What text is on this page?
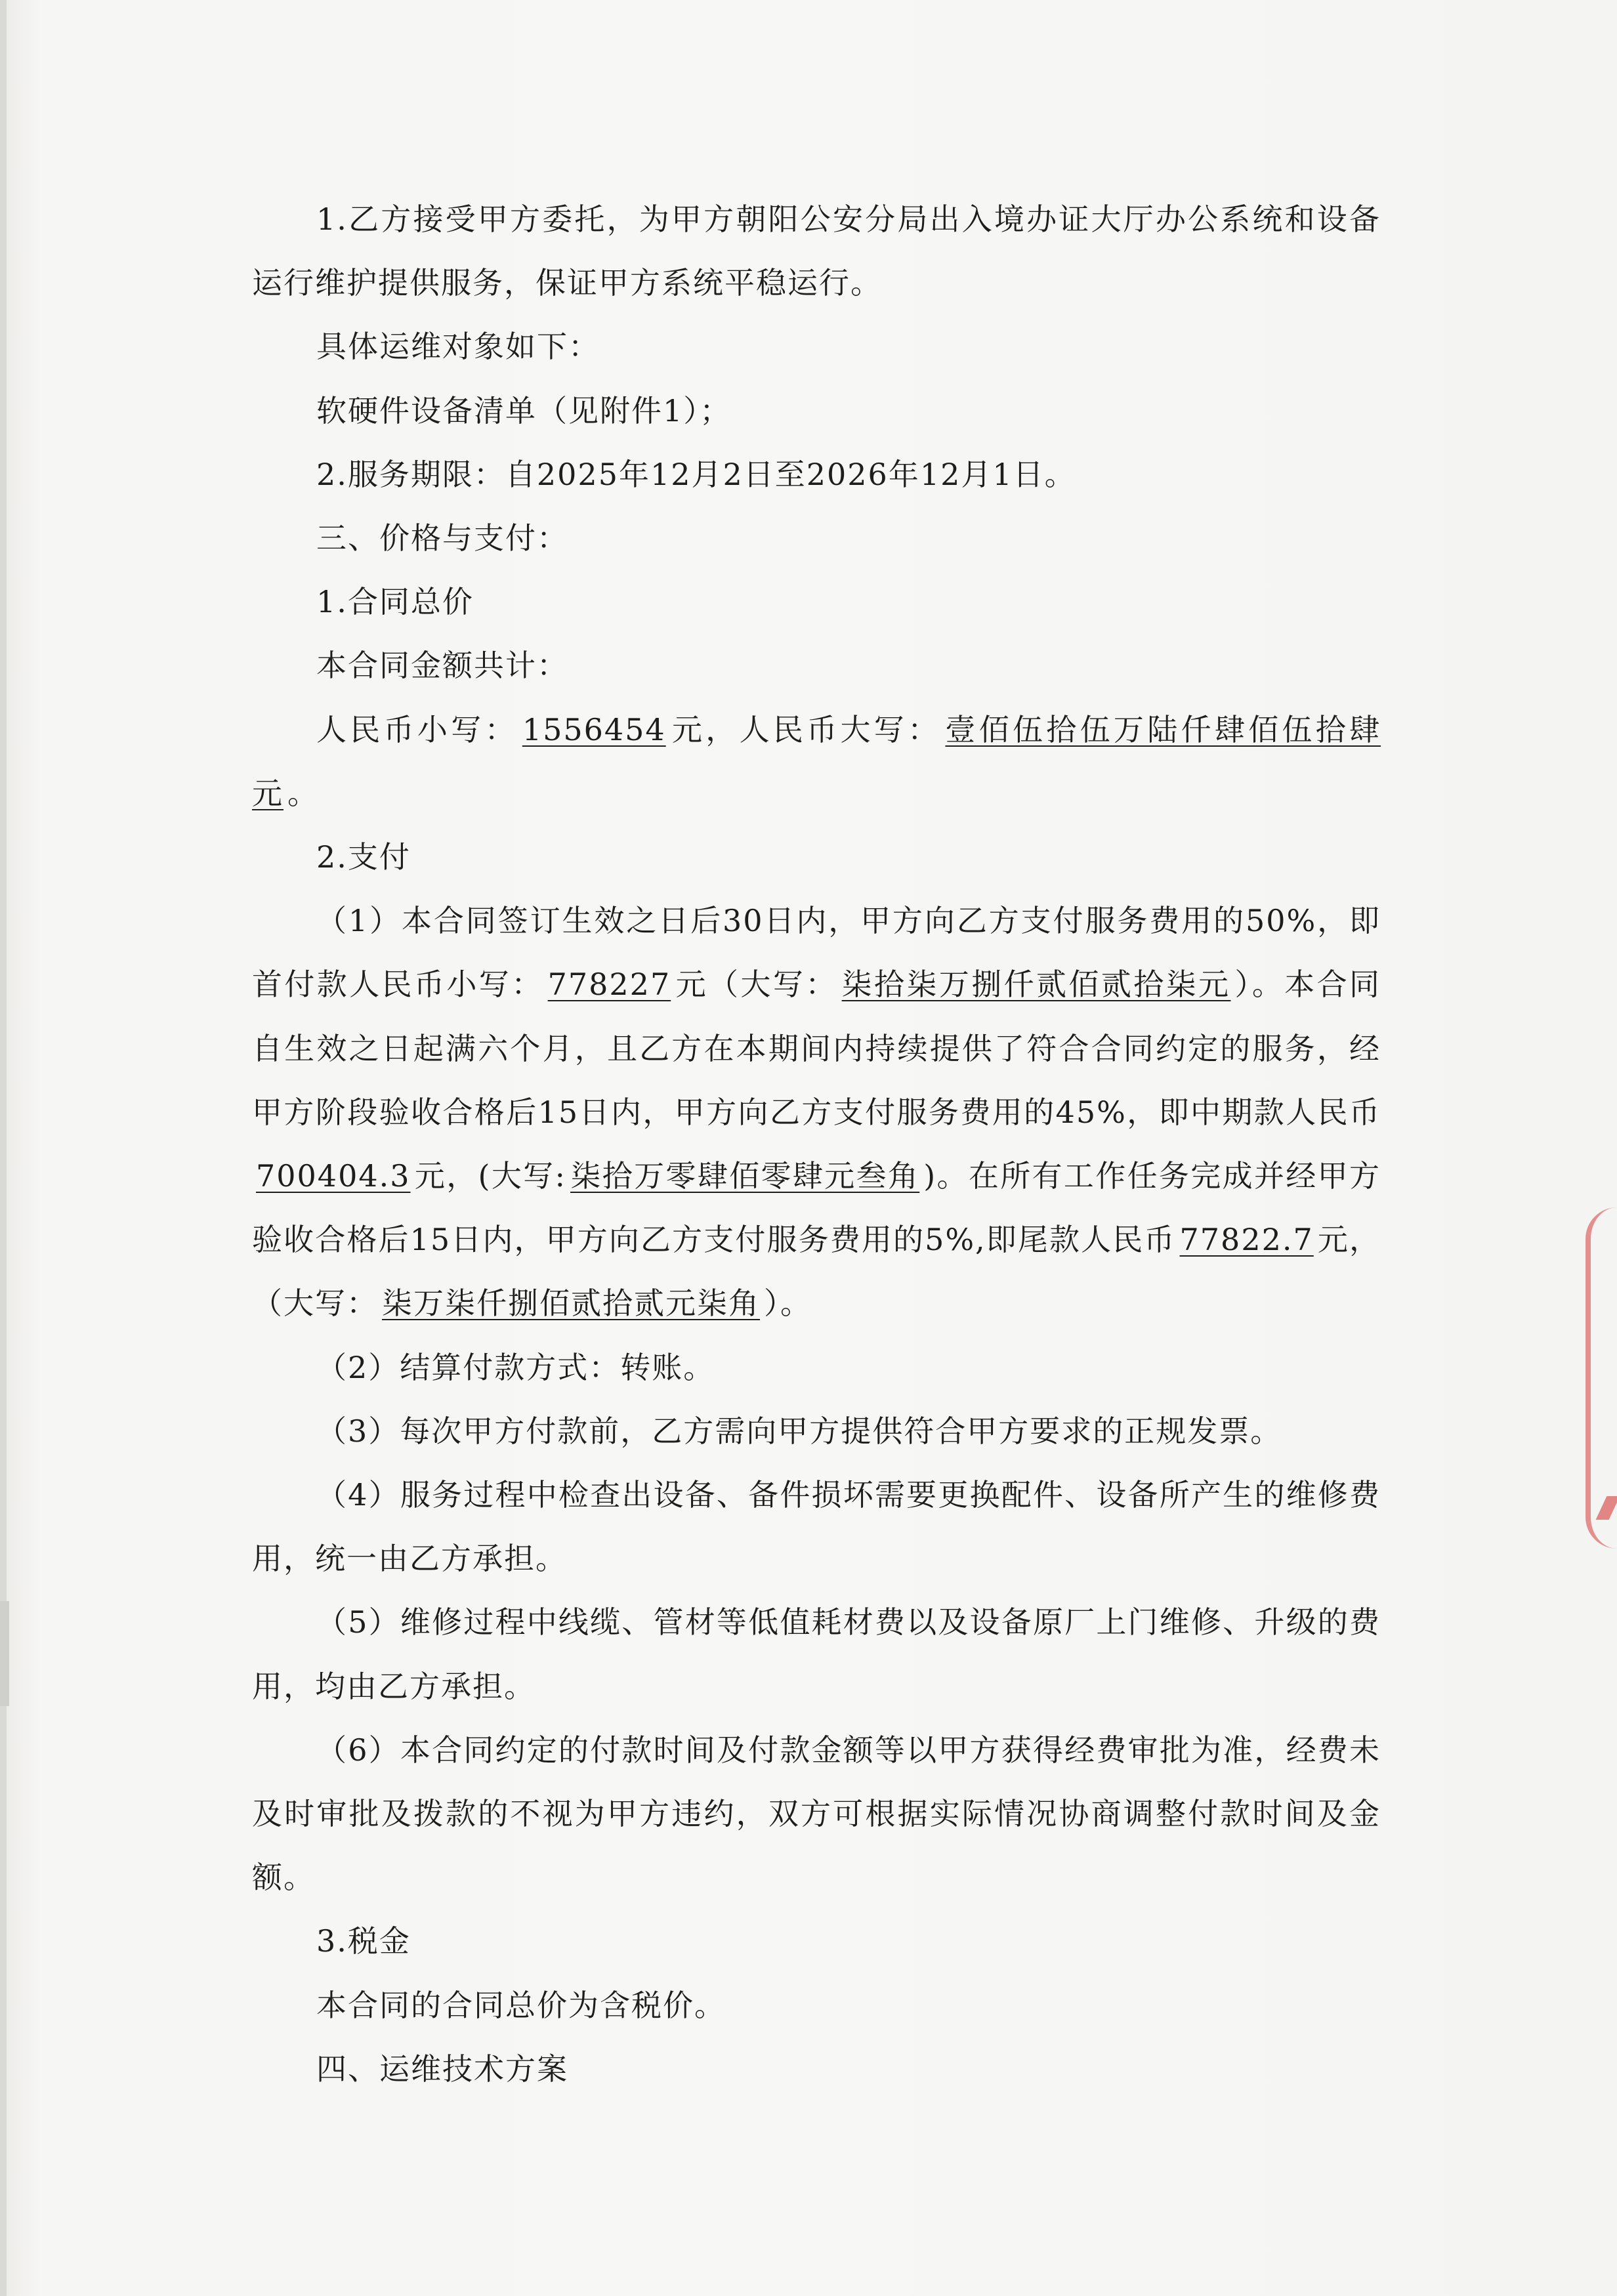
1.乙方接受甲方委托，为甲方朝阳公安分局出入境办证大厅办公系统和设备运行维护提供服务，保证甲方系统平稳运行。

具体运维对象如下：

软硬件设备清单（见附件1）；

2.服务期限：自2025年12月2日至2026年12月1日。

三、价格与支付：

1.合同总价

本合同金额共计：

人民币小写： 1556454 元，人民币大写： 壹佰伍拾伍万陆仟肆佰伍拾肆元 。

2.支付

（1）本合同签订生效之日后30日内，甲方向乙方支付服务费用的50%，即首付款人民币小写： 778227 元（大写： 柒拾柒万捌仟贰佰贰拾柒元 ）。本合同自生效之日起满六个月，且乙方在本期间内持续提供了符合合同约定的服务，经甲方阶段验收合格后15日内，甲方向乙方支付服务费用的45%，即中期款人民币700404.3 元，(大写: 柒拾万零肆佰零肆元叁角 )。在所有工作任务完成并经甲方验收合格后15日内，甲方向乙方支付服务费用的5%,即尾款人民币 77822.7 元，（大写： 柒万柒仟捌佰贰拾贰元柒角 ）。

（2）结算付款方式：转账。

（3）每次甲方付款前，乙方需向甲方提供符合甲方要求的正规发票。

（4）服务过程中检查出设备、备件损坏需要更换配件、设备所产生的维修费用，统一由乙方承担。

（5）维修过程中线缆、管材等低值耗材费以及设备原厂上门维修、升级的费用，均由乙方承担。

（6）本合同约定的付款时间及付款金额等以甲方获得经费审批为准，经费未及时审批及拨款的不视为甲方违约，双方可根据实际情况协商调整付款时间及金额。

3.税金

本合同的合同总价为含税价。

四、运维技术方案
